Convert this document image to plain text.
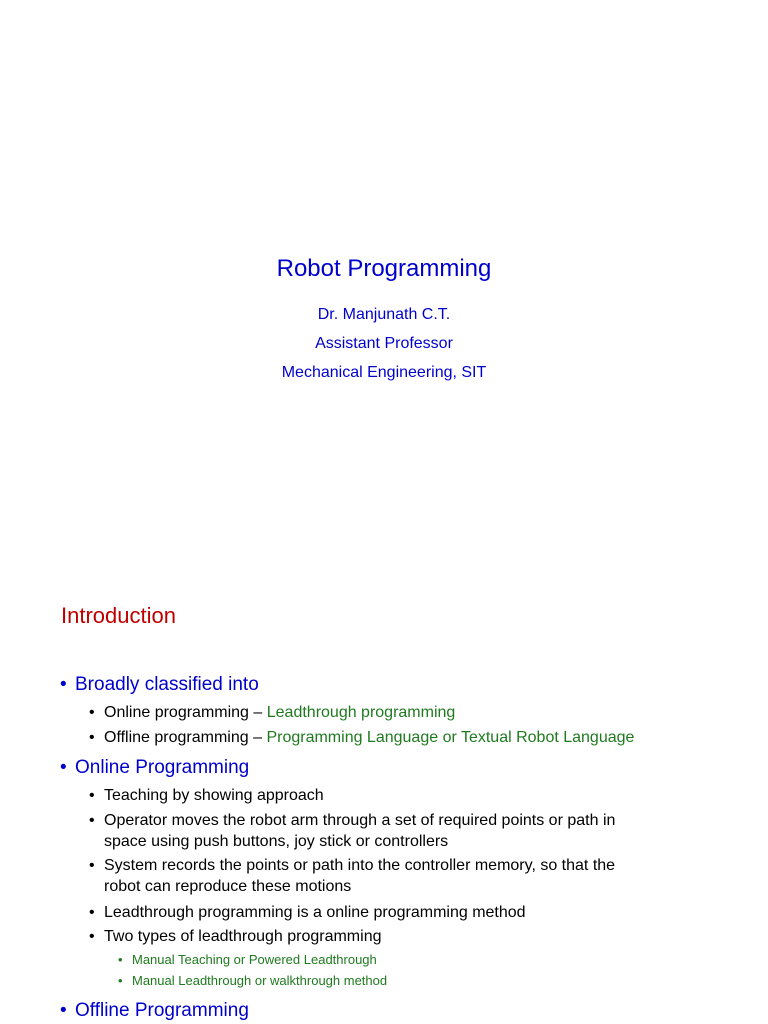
Robot Programming

Dr. Manjunath C.T.

Assistant Professor

Mechanical Engineering, SIT

Introduction
• Broadly classified into
• Online programming – Leadthrough programming
• Offline programming – Programming Language or Textual Robot Language
• Online Programming
• Teaching by showing approach
• Operator moves the robot arm through a set of required points or path in
space using push buttons, joy stick or controllers
• System records the points or path into the controller memory, so that the
robot can reproduce these motions
• Leadthrough programming is a online programming method
• Two types of leadthrough programming
• Manual Teaching or Powered Leadthrough
• Manual Leadthrough or walkthrough method
• Offline Programming
